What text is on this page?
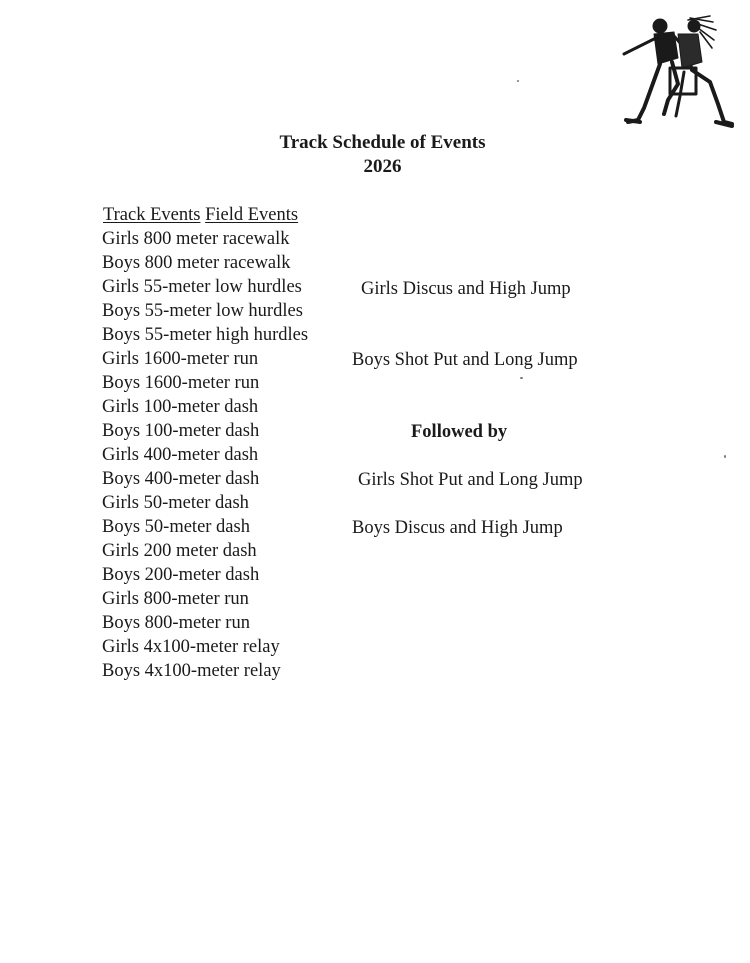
Track Schedule of Events
2026
Track Events Field Events
Girls 800 meter racewalk
Boys 800 meter racewalk
Girls 55-meter low hurdles
Boys 55-meter low hurdles
Boys 55-meter high hurdles
Girls 1600-meter run
Boys 1600-meter run
Girls 100-meter dash
Boys 100-meter dash
Girls 400-meter dash
Boys 400-meter dash
Girls 50-meter dash
Boys 50-meter dash
Girls 200 meter dash
Boys 200-meter dash
Girls 800-meter run
Boys 800-meter run
Girls 4x100-meter relay
Boys 4x100-meter relay
Girls Discus and High Jump
Boys Shot Put and Long Jump
Followed by
Girls Shot Put and Long Jump
Boys Discus and High Jump
